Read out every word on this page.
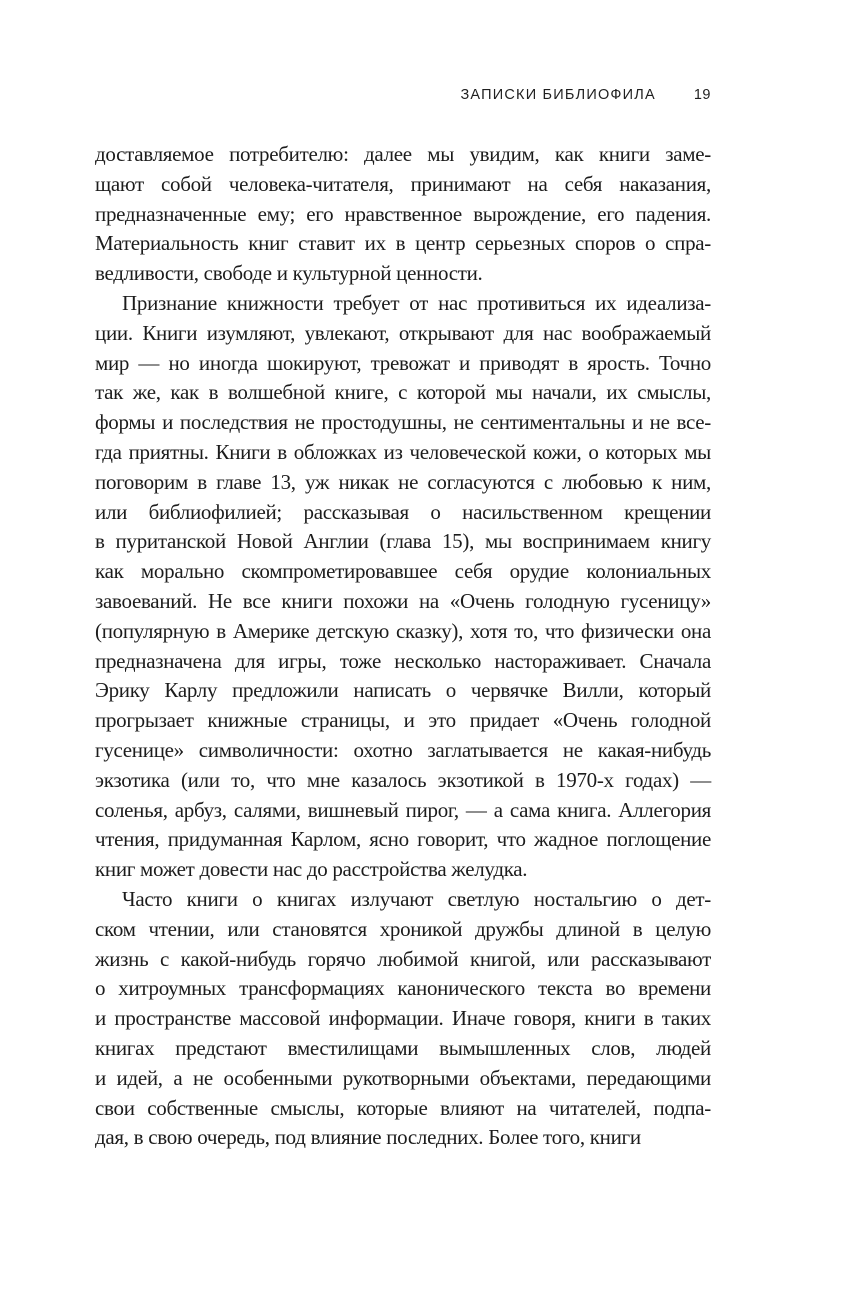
ЗАПИСКИ БИБЛИОФИЛА	19
доставляемое потребителю: далее мы увидим, как книги заме-
щают собой человека-читателя, принимают на себя наказания,
предназначенные ему; его нравственное вырождение, его падения.
Материальность книг ставит их в центр серьезных споров о спра-
ведливости, свободе и культурной ценности.
Признание книжности требует от нас противиться их идеализа-
ции. Книги изумляют, увлекают, открывают для нас воображаемый
мир — но иногда шокируют, тревожат и приводят в ярость. Точно
так же, как в волшебной книге, с которой мы начали, их смыслы,
формы и последствия не простодушны, не сентиментальны и не все-
гда приятны. Книги в обложках из человеческой кожи, о которых мы
поговорим в главе 13, уж никак не согласуются с любовью к ним,
или библиофилией; рассказывая о насильственном крещении
в пуританской Новой Англии (глава 15), мы воспринимаем книгу
как морально скомпрометировавшее себя орудие колониальных
завоеваний. Не все книги похожи на «Очень голодную гусеницу»
(популярную в Америке детскую сказку), хотя то, что физически она
предназначена для игры, тоже несколько настораживает. Сначала
Эрику Карлу предложили написать о червячке Вилли, который
прогрызает книжные страницы, и это придает «Очень голодной
гусенице» символичности: охотно заглатывается не какая-нибудь
экзотика (или то, что мне казалось экзотикой в 1970-х годах) —
соленья, арбуз, салями, вишневый пирог, — а сама книга. Аллегория
чтения, придуманная Карлом, ясно говорит, что жадное поглощение
книг может довести нас до расстройства желудка.
Часто книги о книгах излучают светлую ностальгию о дет-
ском чтении, или становятся хроникой дружбы длиной в целую
жизнь с какой-нибудь горячо любимой книгой, или рассказывают
о хитроумных трансформациях канонического текста во времени
и пространстве массовой информации. Иначе говоря, книги в таких
книгах предстают вместилищами вымышленных слов, людей
и идей, а не особенными рукотворными объектами, передающими
свои собственные смыслы, которые влияют на читателей, подпа-
дая, в свою очередь, под влияние последних. Более того, книги
